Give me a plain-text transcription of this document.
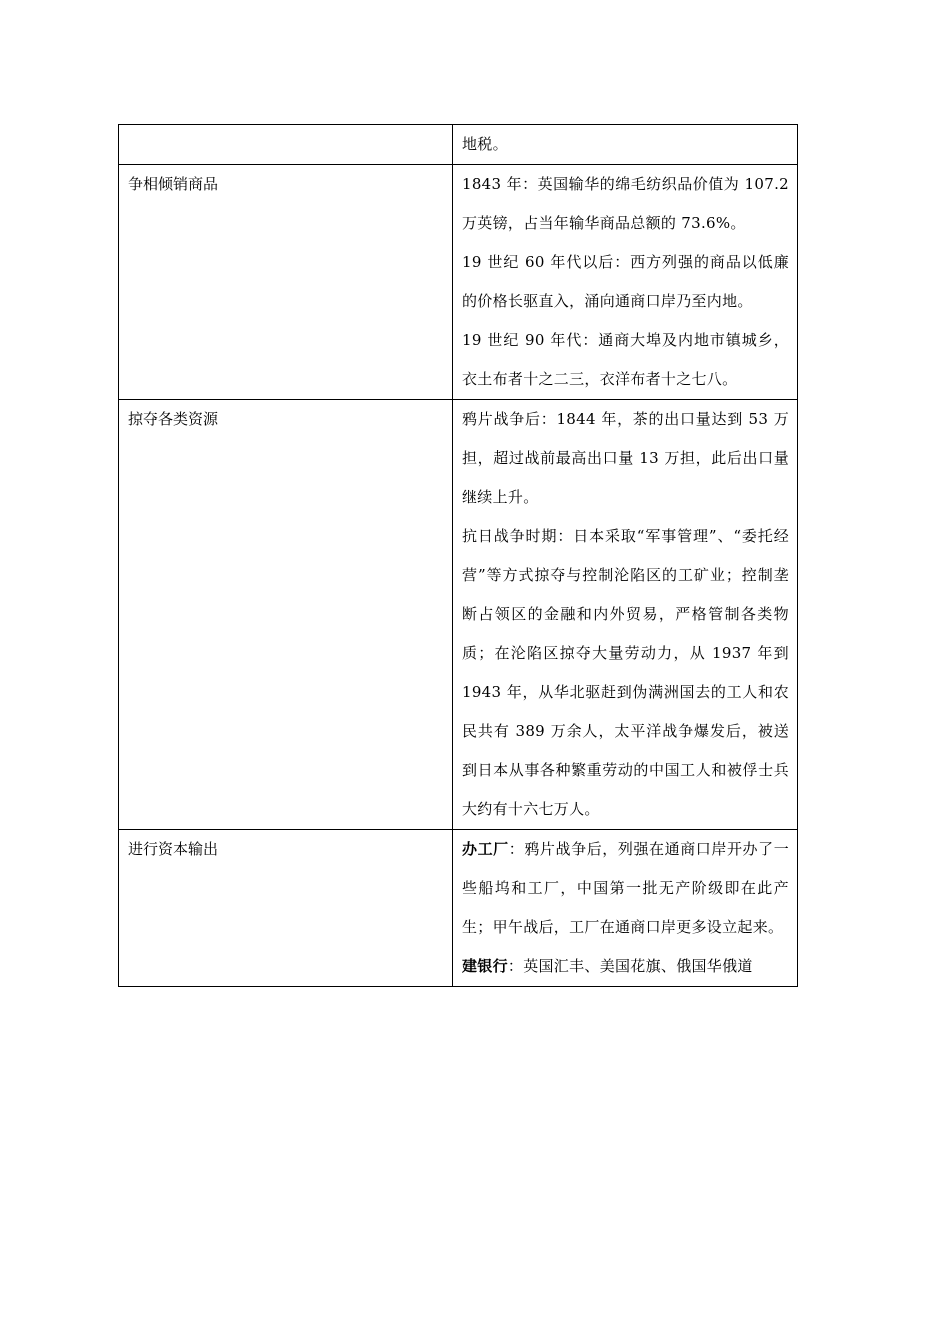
	地税。

争相倾销商品	1843 年：英国输华的绵毛纺织品价值为 107.2 万英镑，占当年输华商品总额的 73.6%。

19 世纪 60 年代以后：西方列强的商品以低廉的价格长驱直入，涌向通商口岸乃至内地。

19 世纪 90 年代：通商大埠及内地市镇城乡，衣土布者十之二三，衣洋布者十之七八。

掠夺各类资源	鸦片战争后：1844 年，茶的出口量达到 53 万担，超过战前最高出口量 13 万担，此后出口量继续上升。

抗日战争时期：日本采取“军事管理”、“委托经营”等方式掠夺与控制沦陷区的工矿业；控制垄断占领区的金融和内外贸易，严格管制各类物质；在沦陷区掠夺大量劳动力，从 1937 年到 1943 年，从华北驱赶到伪满洲国去的工人和农民共有 389 万余人，太平洋战争爆发后，被送到日本从事各种繁重劳动的中国工人和被俘士兵大约有十六七万人。

进行资本输出	办工厂：鸦片战争后，列强在通商口岸开办了一些船坞和工厂，中国第一批无产阶级即在此产生；甲午战后，工厂在通商口岸更多设立起来。

建银行：英国汇丰、美国花旗、俄国华俄道
